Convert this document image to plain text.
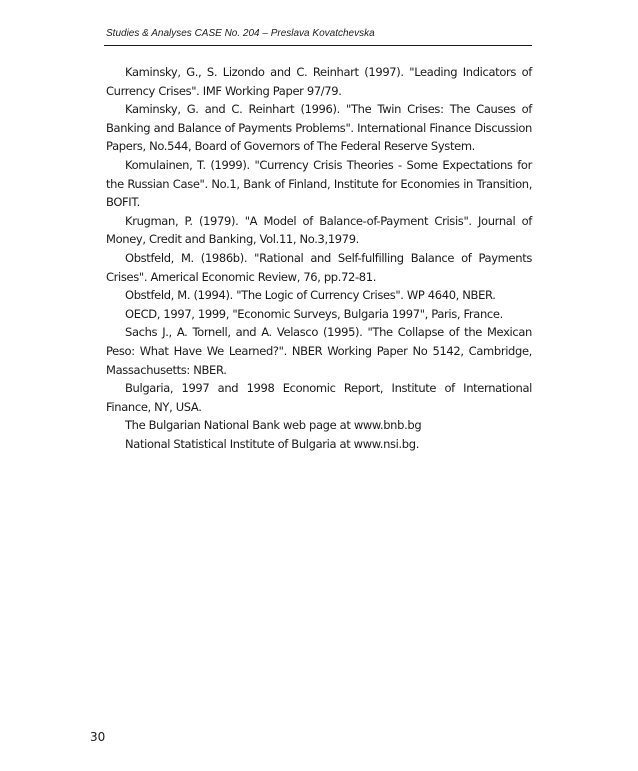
Studies & Analyses CASE No. 204 – Preslava Kovatchevska

Kaminsky, G., S. Lizondo and C. Reinhart (1997). "Leading Indicators of Currency Crises". IMF Working Paper 97/79.

Kaminsky, G. and C. Reinhart (1996). "The Twin Crises: The Causes of Banking and Balance of Payments Problems". International Finance Discussion Papers, No.544, Board of Governors of The Federal Reserve System.

Komulainen, T. (1999). "Currency Crisis Theories - Some Expectations for the Russian Case". No.1, Bank of Finland, Institute for Economies in Transition, BOFIT.

Krugman, P. (1979). "A Model of Balance-of-Payment Crisis". Journal of Money, Credit and Banking, Vol.11, No.3,1979.

Obstfeld, M. (1986b). "Rational and Self-fulfilling Balance of Payments Crises". Americal Economic Review, 76, pp.72-81.

Obstfeld, M. (1994). "The Logic of Currency Crises". WP 4640, NBER.

OECD, 1997, 1999, "Economic Surveys, Bulgaria 1997", Paris, France.

Sachs J., A. Tornell, and A. Velasco (1995). "The Collapse of the Mexican Peso: What Have We Learned?". NBER Working Paper No 5142, Cambridge, Massachusetts: NBER.

Bulgaria, 1997 and 1998 Economic Report, Institute of International Finance, NY, USA.

The Bulgarian National Bank web page at www.bnb.bg

National Statistical Institute of Bulgaria at www.nsi.bg.

30
